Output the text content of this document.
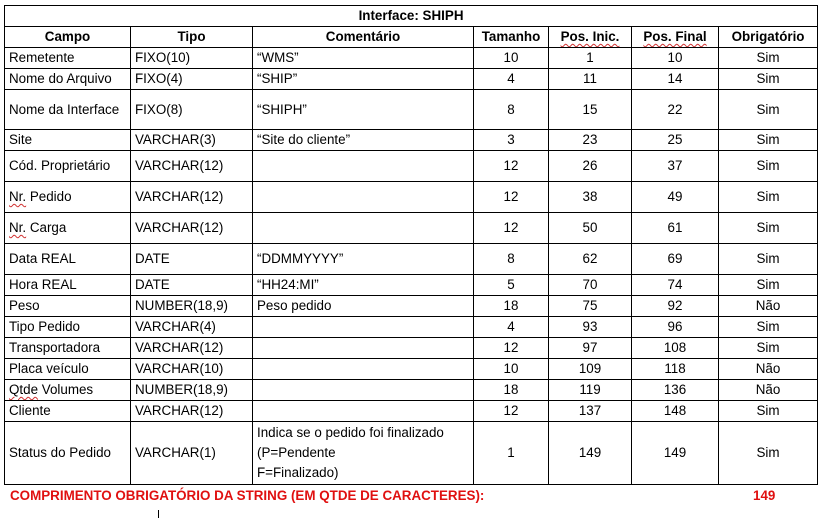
Interface: SHIPH						
Campo	Tipo	Comentário	Tamanho	Pos. Inic.	Pos. Final	Obrigatório
Remetente	FIXO(10)	“WMS”	10	1	10	Sim
Nome do Arquivo	FIXO(4)	“SHIP”	4	11	14	Sim
Nome da Interface	FIXO(8)	“SHIPH”	8	15	22	Sim
Site	VARCHAR(3)	“Site do cliente”	3	23	25	Sim
Cód. Proprietário	VARCHAR(12)		12	26	37	Sim
Nr. Pedido	VARCHAR(12)		12	38	49	Sim
Nr. Carga	VARCHAR(12)		12	50	61	Sim
Data REAL	DATE	“DDMMYYYY”	8	62	69	Sim
Hora REAL	DATE	“HH24:MI”	5	70	74	Sim
Peso	NUMBER(18,9)	Peso pedido	18	75	92	Não
Tipo Pedido	VARCHAR(4)		4	93	96	Sim
Transportadora	VARCHAR(12)		12	97	108	Sim
Placa veículo	VARCHAR(10)		10	109	118	Não
Qtde Volumes	NUMBER(18,9)		18	119	136	Não
Cliente	VARCHAR(12)		12	137	148	Sim
Status do Pedido	VARCHAR(1)	Indica se o pedido foi finalizado
(P=Pendente
F=Finalizado)	1	149	149	Sim
COMPRIMENTO OBRIGATÓRIO DA STRING (EM QTDE DE CARACTERES):	149
